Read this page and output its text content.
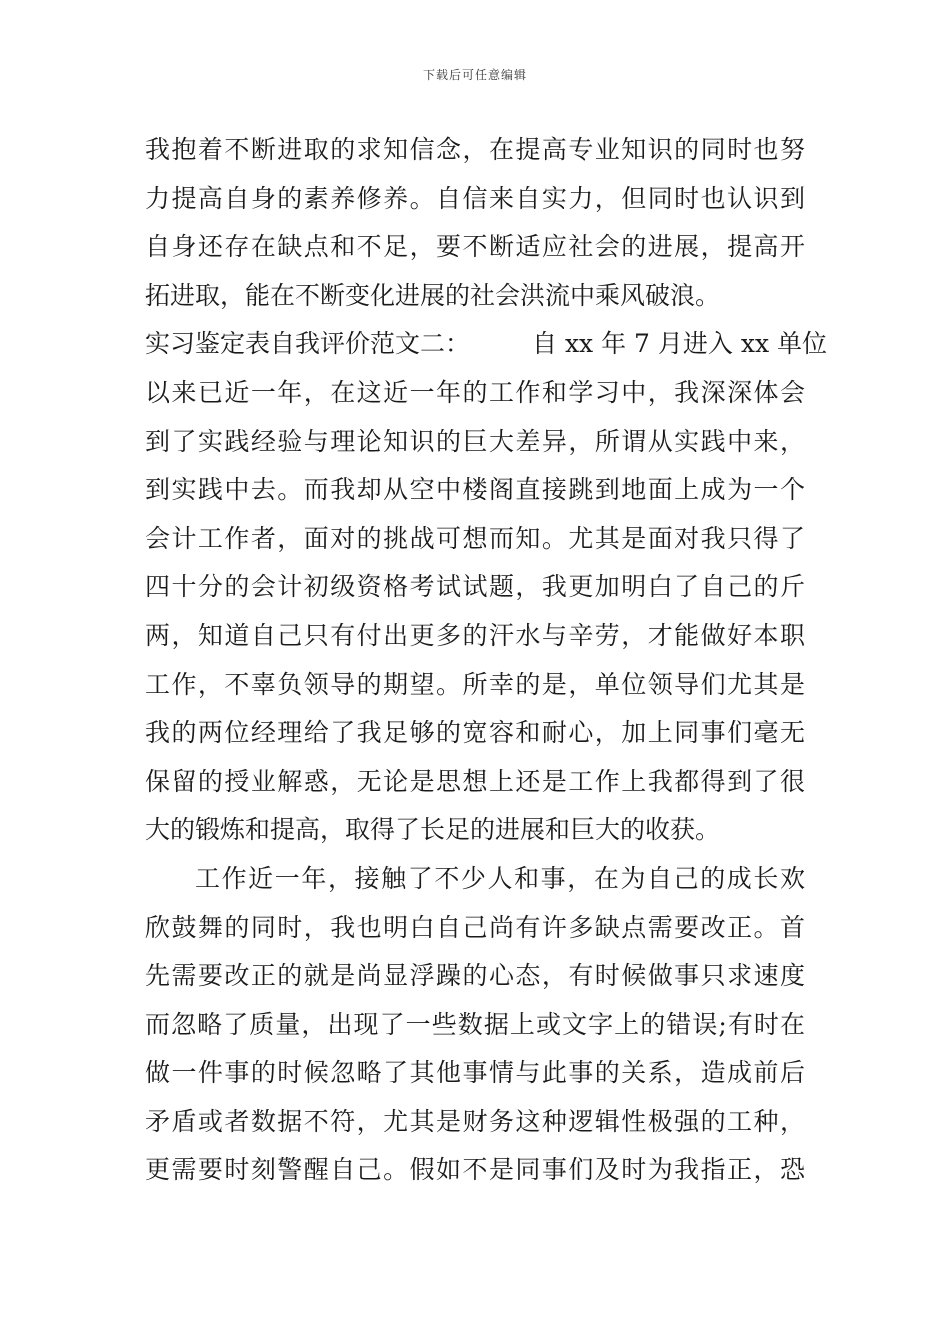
下载后可任意编辑
我抱着不断进取的求知信念，在提高专业知识的同时也努
力提高自身的素养修养。自信来自实力，但同时也认识到
自身还存在缺点和不足，要不断适应社会的进展，提高开
拓进取，能在不断变化进展的社会洪流中乘风破浪。
实习鉴定表自我评价范文二： 自 xx 年 7 月进入 xx 单位
以来已近一年，在这近一年的工作和学习中，我深深体会
到了实践经验与理论知识的巨大差异，所谓从实践中来，
到实践中去。而我却从空中楼阁直接跳到地面上成为一个
会计工作者，面对的挑战可想而知。尤其是面对我只得了
四十分的会计初级资格考试试题，我更加明白了自己的斤
两，知道自己只有付出更多的汗水与辛劳，才能做好本职
工作，不辜负领导的期望。所幸的是，单位领导们尤其是
我的两位经理给了我足够的宽容和耐心，加上同事们毫无
保留的授业解惑，无论是思想上还是工作上我都得到了很
大的锻炼和提高，取得了长足的进展和巨大的收获。
工作近一年，接触了不少人和事，在为自己的成长欢
欣鼓舞的同时，我也明白自己尚有许多缺点需要改正。首
先需要改正的就是尚显浮躁的心态，有时候做事只求速度
而忽略了质量，出现了一些数据上或文字上的错误;有时在
做一件事的时候忽略了其他事情与此事的关系，造成前后
矛盾或者数据不符，尤其是财务这种逻辑性极强的工种，
更需要时刻警醒自己。假如不是同事们及时为我指正，恐
